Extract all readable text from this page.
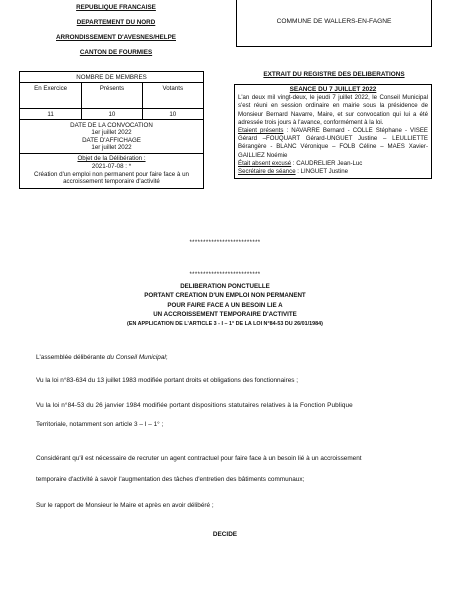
REPUBLIQUE FRANCAISE
DEPARTEMENT DU NORD
ARRONDISSEMENT D'AVESNES/HELPE
CANTON DE FOURMIES
COMMUNE DE WALLERS-EN-FAGNE
NOMBRE DE MEMBRES
En Exercice	Présents	Votants
11	10	10
DATE DE LA CONVOCATION
1er juillet 2022
DATE D'AFFICHAGE
1er juillet 2022
Objet de la Délibération :
2021-07-08 : *
Création d'un emploi non permanent pour faire face à un accroissement temporaire d'activité
EXTRAIT DU REGISTRE DES DELIBERATIONS
SEANCE DU 7 JUILLET 2022

L'an deux mil vingt-deux, le jeudi 7 juillet 2022, le Conseil Municipal s'est réuni en session ordinaire en mairie sous la présidence de Monsieur Bernard Navarre, Maire, et sur convocation qui lui a été adressée trois jours à l'avance, conformément à la loi.

Etaient présents : NAVARRE Bernard - COLLE Stéphane - VISEE Gérard –FOUQUART Gérard-UNGUET Justine – LEULLIETTE Bérangère - BLANC Véronique – FOLB Céline – MAES Xavier-GAILLIEZ Noémie

Était absent excusé : CAUDRELIER Jean-Luc

Secrétaire de séance : LINGUET Justine

**************************
**************************
DELIBERATION PONCTUELLE
PORTANT CREATION D'UN EMPLOI NON PERMANENT
POUR FAIRE FACE A UN BESOIN LIE A
UN ACCROISSEMENT TEMPORAIRE D'ACTIVITE
(EN APPLICATION DE L'ARTICLE 3 - I – 1° DE LA LOI N°84-53 DU 26/01/1984)
L'assemblée délibérante du Conseil Municipal;
Vu la loi n°83-634 du 13 juillet 1983 modifiée portant droits et obligations des fonctionnaires ;
Vu la loi n°84-53 du 26 janvier 1984 modifiée portant dispositions statutaires relatives à la Fonction Publique
Territoriale, notamment son article 3 – I – 1° ;
Considérant qu'il est nécessaire de recruter un agent contractuel pour faire face à un besoin lié à un accroissement
temporaire d'activité à savoir l'augmentation des tâches d'entretien des bâtiments communaux;
Sur le rapport de Monsieur le Maire et après en avoir délibéré ;
DECIDE
